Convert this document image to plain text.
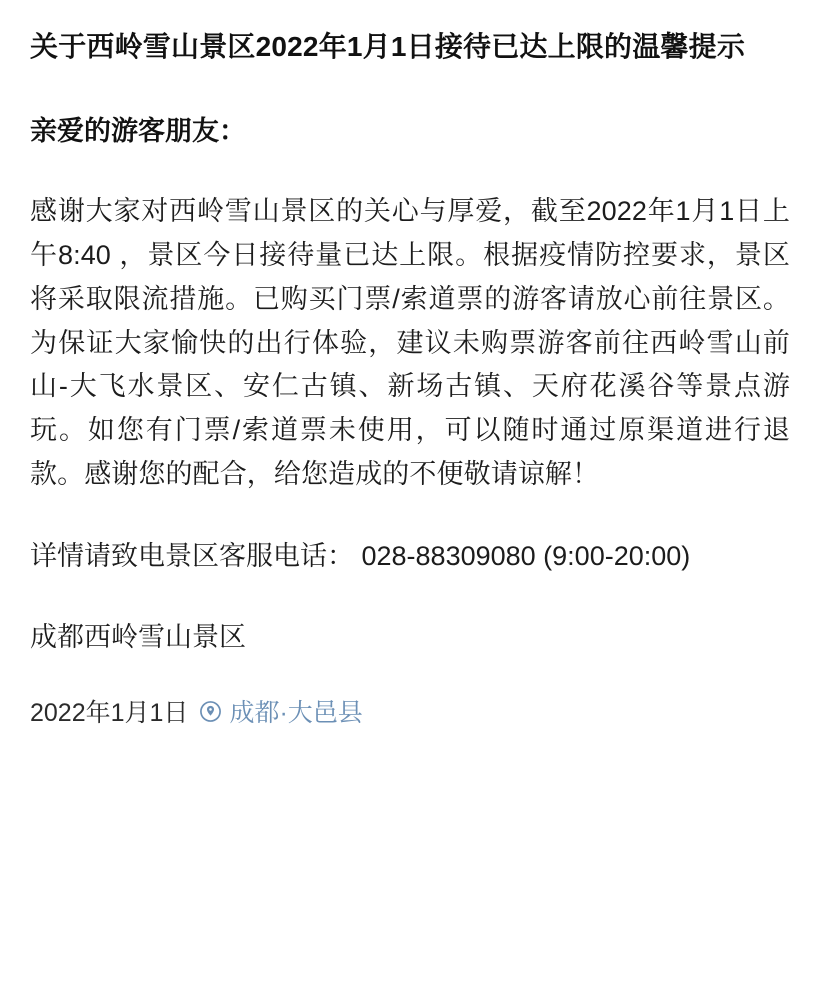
关于西岭雪山景区2022年1月1日接待已达上限的温馨提示

亲爱的游客朋友：

感谢大家对西岭雪山景区的关心与厚爱，截至2022年1月1日上午8:40 ，景区今日接待量已达上限。根据疫情防控要求，景区将采取限流措施。已购买门票/索道票的游客请放心前往景区。为保证大家愉快的出行体验，建议未购票游客前往西岭雪山前山-大飞水景区、安仁古镇、新场古镇、天府花溪谷等景点游玩。如您有门票/索道票未使用，可以随时通过原渠道进行退款。感谢您的配合，给您造成的不便敬请谅解！

详情请致电景区客服电话： 028-88309080 (9:00-20:00)

成都西岭雪山景区

2022年1月1日 成都·大邑县
